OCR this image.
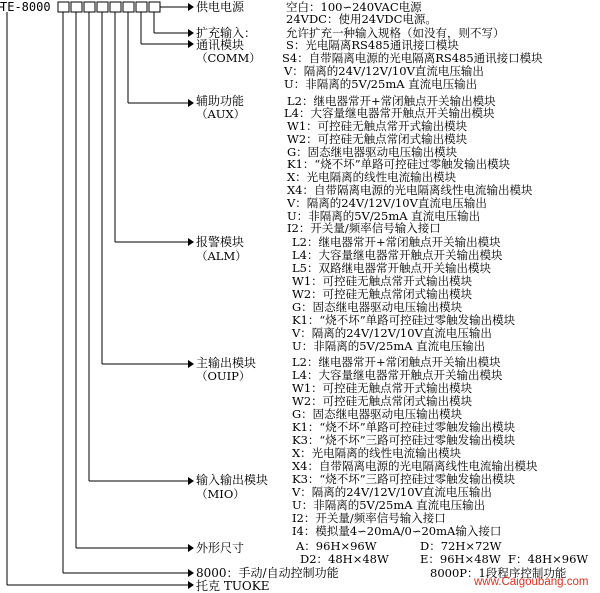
TE-8000	供电电源	空白：100∽240VAC电源
24VDC：使用24VDC电源。
扩充输入：	允许扩充一种输入规格（如没有，则不写）
通讯模块
（COMM）
S：光电隔离RS485通讯接口模块
S4：自带隔离电源的光电隔离RS485通讯接口模块
V：隔离的24V/12V/10V直流电压输出
U：非隔离的5V/25mA 直流电压输出
辅助功能
（AUX）
L2：继电器常开+常闭触点开关输出模块
L4：大容量继电器常开触点开关输出模块
W1：可控硅无触点常开式输出模块
W2：可控硅无触点常闭式输出模块
G：固态继电器驱动电压输出模块
K1：“烧不坏”单路可控硅过零触发输出模块
X：光电隔离的线性电流输出模块
X4：自带隔离电源的光电隔离线性电流输出模块
V：隔离的24V/12V/10V直流电压输出
U：非隔离的5V/25mA 直流电压输出
I2：开关量/频率信号输入接口
报警模块
（ALM）
L2：继电器常开+常闭触点开关输出模块
L4：大容量继电器常开触点开关输出模块
L5：双路继电器常开触点开关输出模块
W1：可控硅无触点常开式输出模块
W2：可控硅无触点常闭式输出模块
G：固态继电器驱动电压输出模块
K1：“烧不坏”单路可控硅过零触发输出模块
V：隔离的24V/12V/10V直流电压输出
U：非隔离的5V/25mA 直流电压输出
主输出模块
（OUIP）
L2：继电器常开+常闭触点开关输出模块
L4：大容量继电器常开触点开关输出模块
W1：可控硅无触点常开式输出模块
W2：可控硅无触点常闭式输出模块
G：固态继电器驱动电压输出模块
K1：“烧不坏”单路可控硅过零触发输出模块
K3：“烧不坏”三路可控硅过零触发输出模块
X：光电隔离的线性电流输出模块
X4：自带隔离电源的光电隔离线性电流输出模块
输入输出模块
（MIO）
K3：“烧不坏”三路可控硅过零触发输出模块
V：隔离的24V/12V/10V直流电压输出
U：非隔离的5V/25mA 直流电压输出
I2：开关量/频率信号输入接口
I4：模拟量4∽20mA/0∽20mA输入接口
外形尺寸	A：96H×96W	D：72H×72W
D2：48H×48W	E：96H×48W F：48H×96W
8000：手动/自动控制功能	8000P：1段程序控制功能
托克 TUOKE	www.Caigoubang.com
